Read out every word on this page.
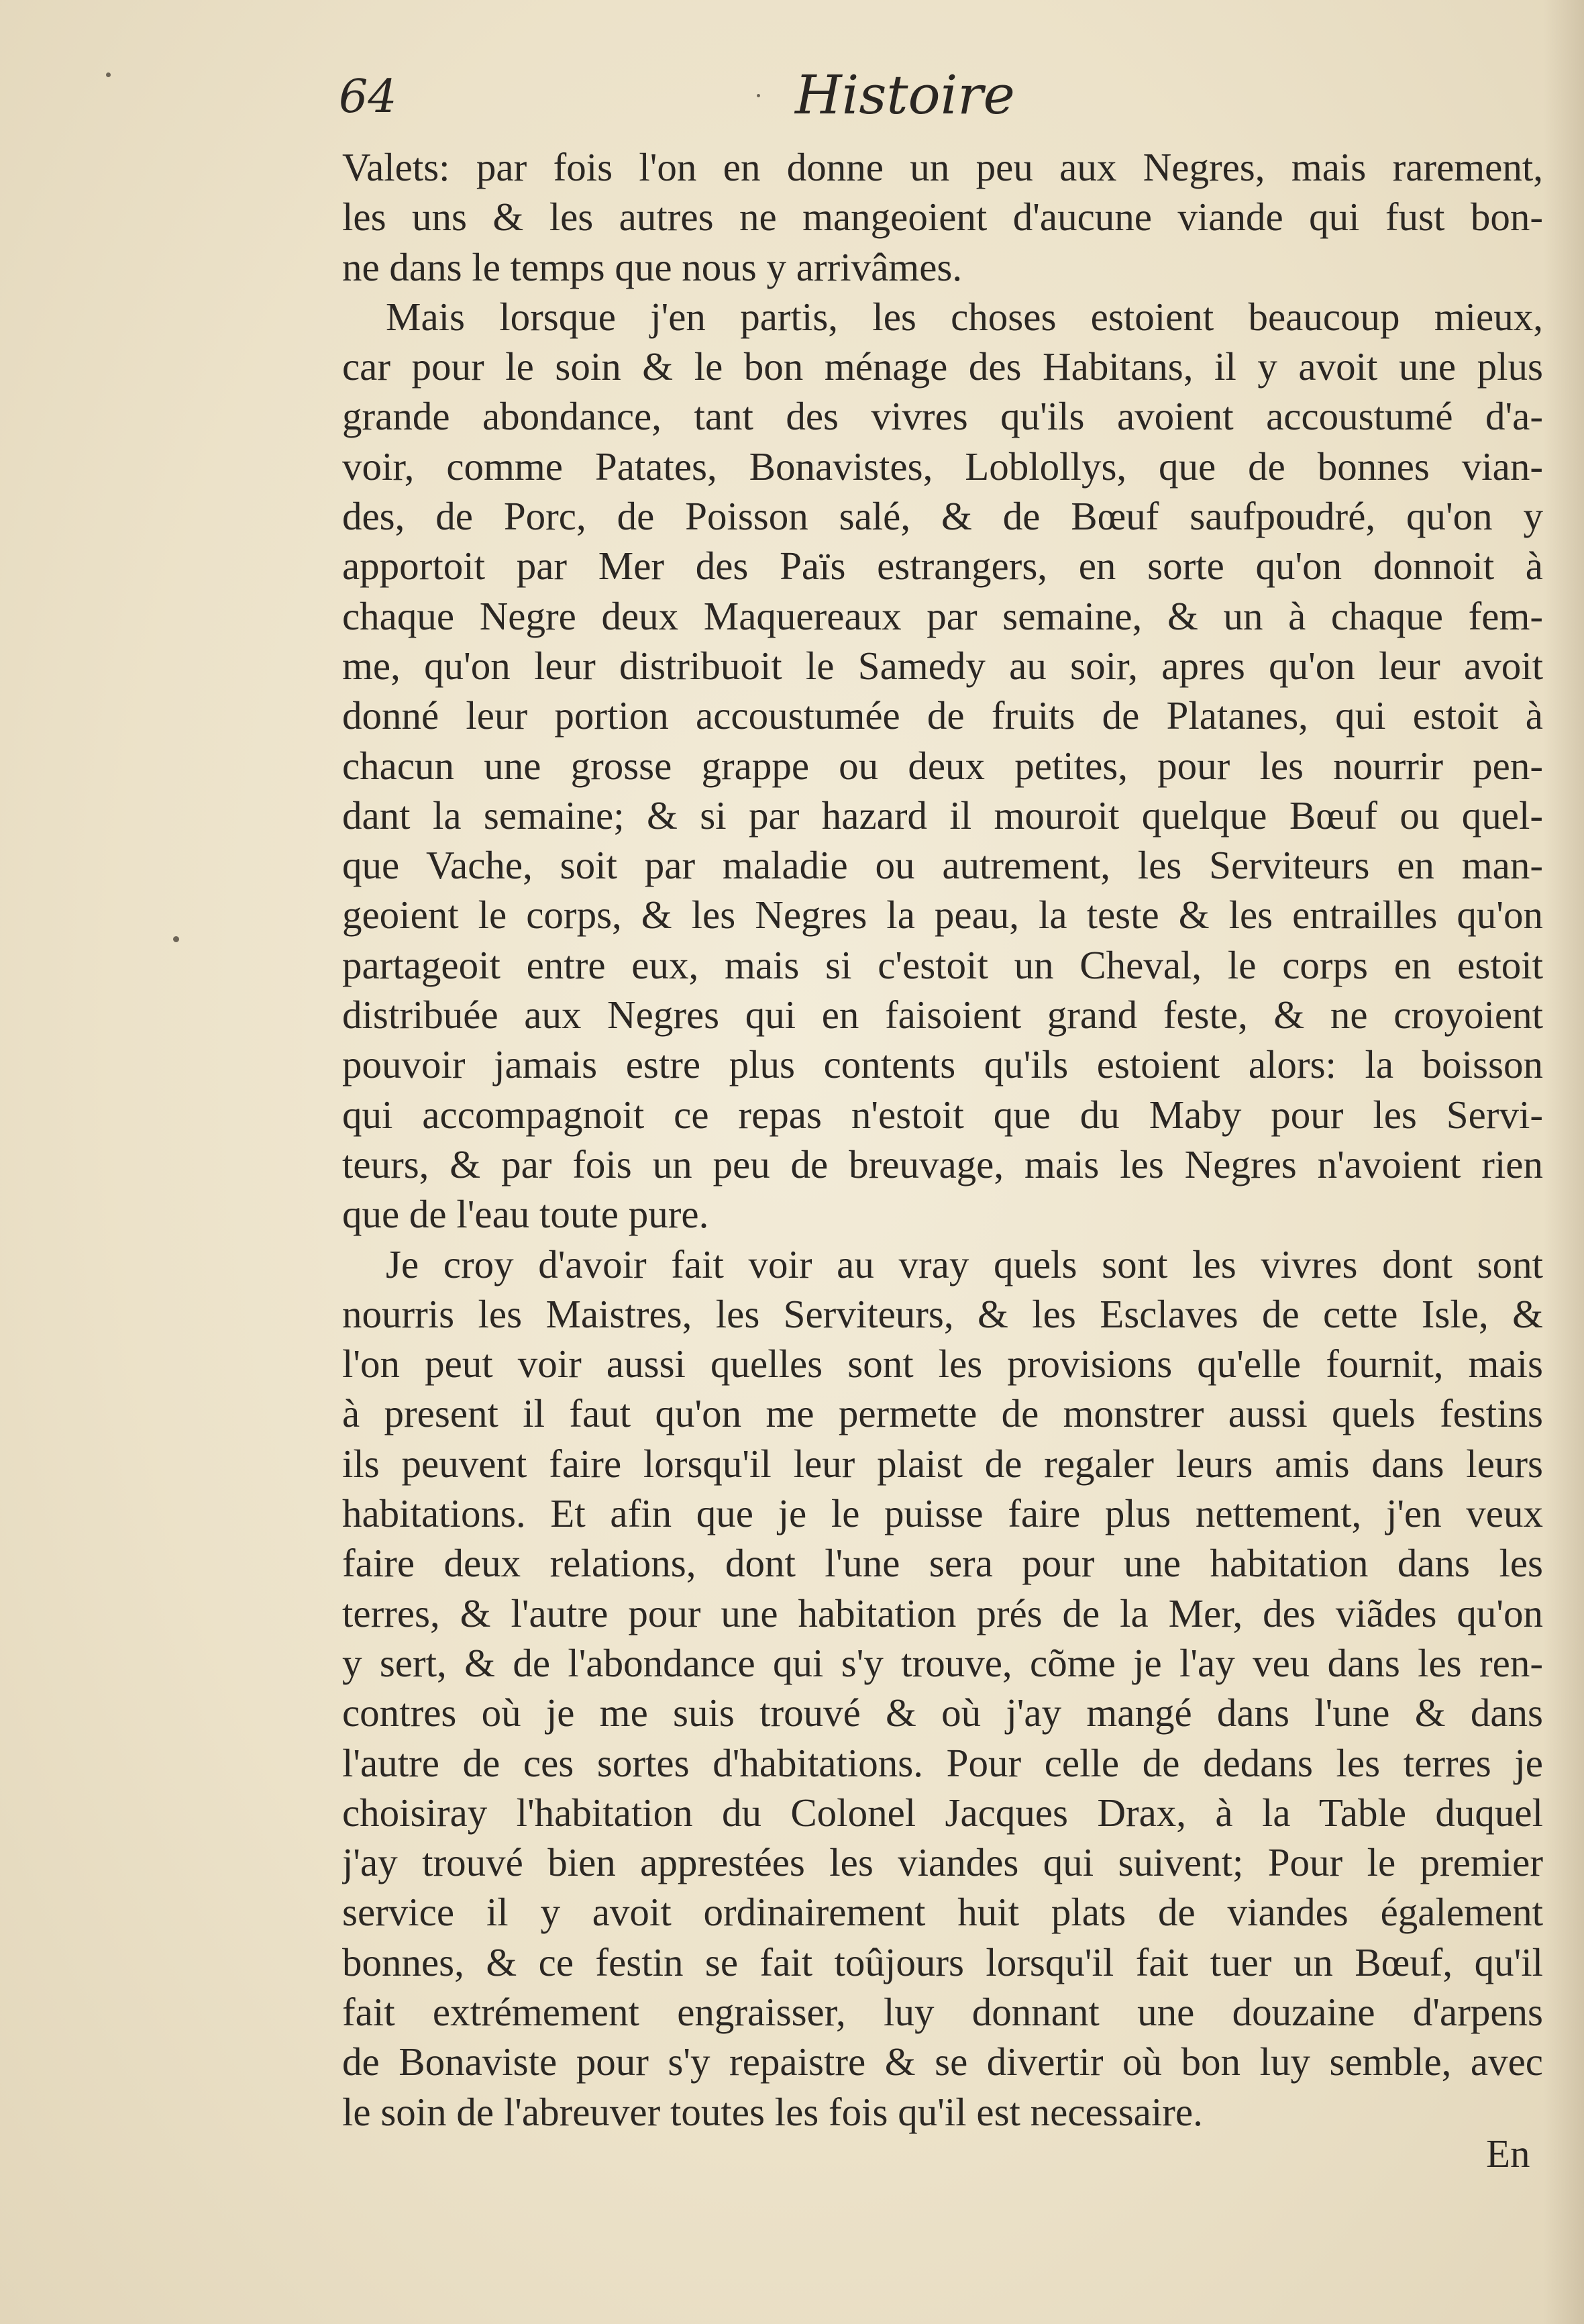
64	Histoire
Valets: par fois l'on en donne un peu aux Negres, mais rarement,
les uns & les autres ne mangeoient d'aucune viande qui fust bon-
ne dans le temps que nous y arrivâmes.
Mais lorsque j'en partis, les choses estoient beaucoup mieux,
car pour le soin & le bon ménage des Habitans, il y avoit une plus
grande abondance, tant des vivres qu'ils avoient accoustumé d'a-
voir, comme Patates, Bonavistes, Loblollys, que de bonnes vian-
des, de Porc, de Poisson salé, & de Bœuf saufpoudré, qu'on y
apportoit par Mer des Païs estrangers, en sorte qu'on donnoit à
chaque Negre deux Maquereaux par semaine, & un à chaque fem-
me, qu'on leur distribuoit le Samedy au soir, apres qu'on leur avoit
donné leur portion accoustumée de fruits de Platanes, qui estoit à
chacun une grosse grappe ou deux petites, pour les nourrir pen-
dant la semaine; & si par hazard il mouroit quelque Bœuf ou quel-
que Vache, soit par maladie ou autrement, les Serviteurs en man-
geoient le corps, & les Negres la peau, la teste & les entrailles qu'on
partageoit entre eux, mais si c'estoit un Cheval, le corps en estoit
distribuée aux Negres qui en faisoient grand feste, & ne croyoient
pouvoir jamais estre plus contents qu'ils estoient alors: la boisson
qui accompagnoit ce repas n'estoit que du Maby pour les Servi-
teurs, & par fois un peu de breuvage, mais les Negres n'avoient rien
que de l'eau toute pure.
Je croy d'avoir fait voir au vray quels sont les vivres dont sont
nourris les Maistres, les Serviteurs, & les Esclaves de cette Isle, &
l'on peut voir aussi quelles sont les provisions qu'elle fournit, mais
à present il faut qu'on me permette de monstrer aussi quels festins
ils peuvent faire lorsqu'il leur plaist de regaler leurs amis dans leurs
habitations. Et afin que je le puisse faire plus nettement, j'en veux
faire deux relations, dont l'une sera pour une habitation dans les
terres, & l'autre pour une habitation prés de la Mer, des viãdes qu'on
y sert, & de l'abondance qui s'y trouve, cõme je l'ay veu dans les ren-
contres où je me suis trouvé & où j'ay mangé dans l'une & dans
l'autre de ces sortes d'habitations. Pour celle de dedans les terres je
choisiray l'habitation du Colonel Jacques Drax, à la Table duquel
j'ay trouvé bien apprestées les viandes qui suivent; Pour le premier
service il y avoit ordinairement huit plats de viandes également
bonnes, & ce festin se fait toûjours lorsqu'il fait tuer un Bœuf, qu'il
fait extrémement engraisser, luy donnant une douzaine d'arpens
de Bonaviste pour s'y repaistre & se divertir où bon luy semble, avec
le soin de l'abreuver toutes les fois qu'il est necessaire.
En
